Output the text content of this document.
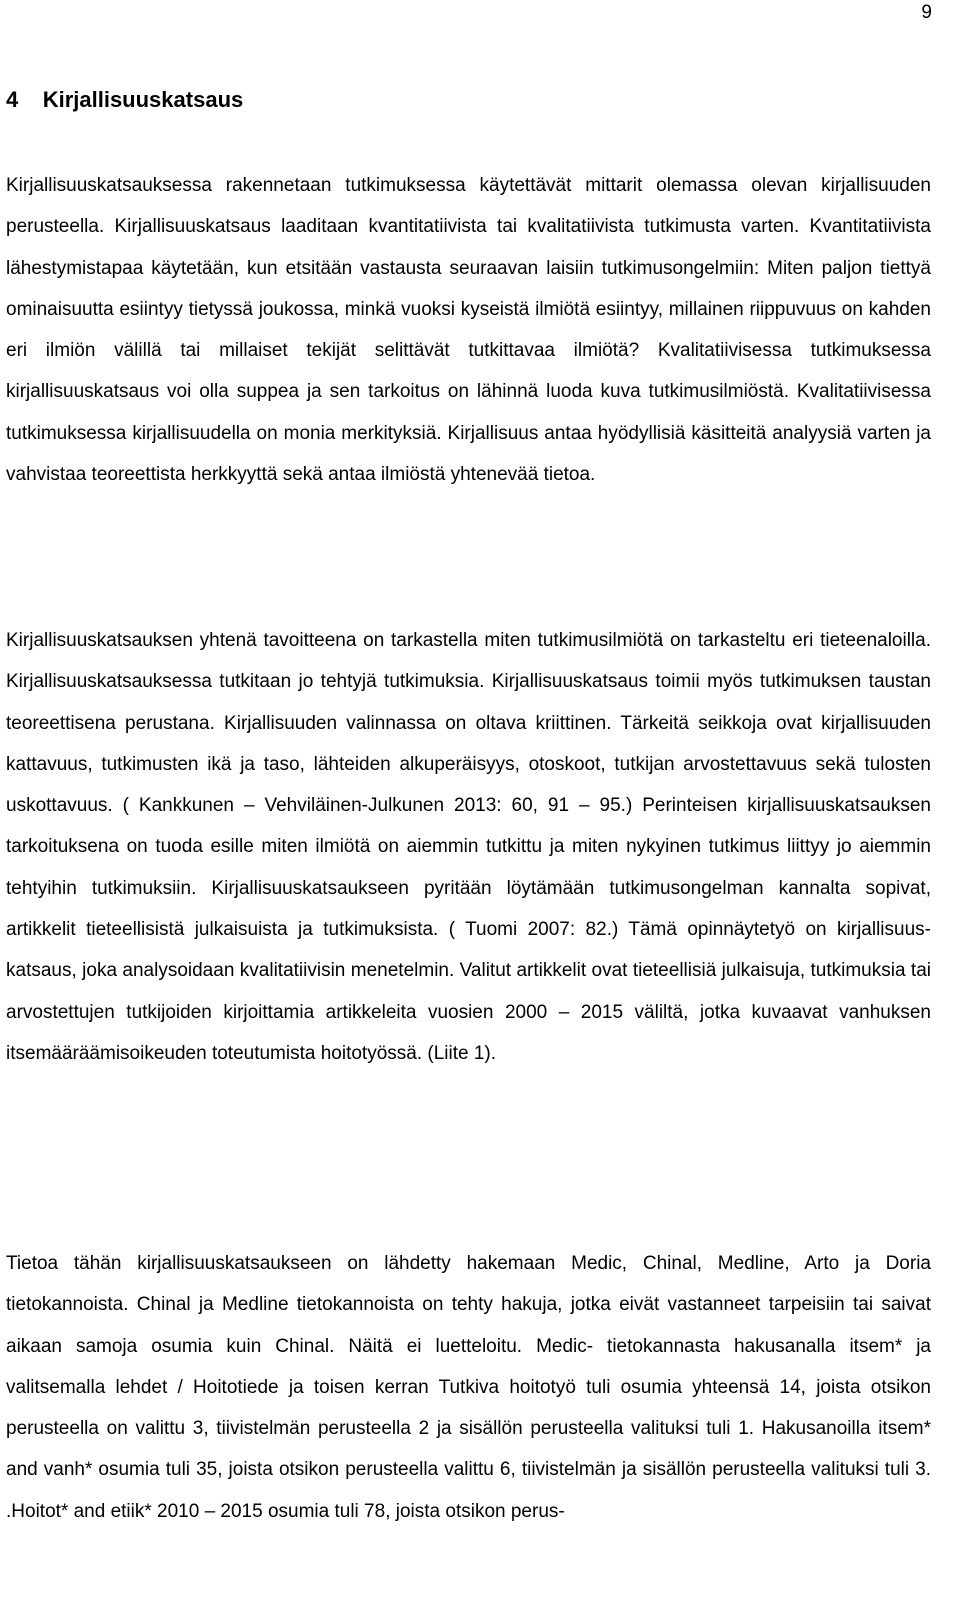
9
4 Kirjallisuuskatsaus

Kirjallisuuskatsauksessa rakennetaan tutkimuksessa käytettävät mittarit olemassa olevan kirjallisuuden perusteella. Kirjallisuuskatsaus laaditaan kvantitatiivista tai kvalitatiivista tutkimusta varten. Kvantitatiivista lähestymistapaa käytetään, kun etsitään vastausta seuraavan laisiin tutkimusongelmiin: Miten paljon tiettyä ominaisuutta esiintyy tietyssä joukossa, minkä vuoksi kyseistä ilmiötä esiintyy, millainen riippuvuus on kahden eri ilmiön välillä tai millaiset tekijät selittävät tutkittavaa ilmiötä? Kvalitatiivisessa tutkimuksessa kirjallisuuskatsaus voi olla suppea ja sen tarkoitus on lähinnä luoda kuva tutkimusilmiöstä. Kvalitatiivisessa tutkimuksessa kirjallisuudella on monia merkityksiä. Kirjallisuus antaa hyödyllisiä käsitteitä analyysiä varten ja vahvistaa teoreettista herkkyyttä sekä antaa ilmiöstä yhtenevää tietoa.

Kirjallisuuskatsauksen yhtenä tavoitteena on tarkastella miten tutkimusilmiötä on tarkasteltu eri tieteenaloilla. Kirjallisuuskatsauksessa tutkitaan jo tehtyjä tutkimuksia. Kirjallisuuskatsaus toimii myös tutkimuksen taustan teoreettisena perustana. Kirjallisuuden valinnassa on oltava kriittinen. Tärkeitä seikkoja ovat kirjallisuuden kattavuus, tutkimusten ikä ja taso, lähteiden alkuperäisyys, otoskoot, tutkijan arvostettavuus sekä tulosten uskottavuus. ( Kankkunen – Vehviläinen-Julkunen 2013: 60, 91 – 95.) Perinteisen kirjallisuuskatsauksen tarkoituksena on tuoda esille miten ilmiötä on aiemmin tutkittu ja miten nykyinen tutkimus liittyy jo aiemmin tehtyihin tutkimuksiin. Kirjallisuuskatsaukseen pyritään löytämään tutkimusongelman kannalta sopivat, artikkelit tieteellisistä julkaisuista ja tutkimuksista. ( Tuomi 2007: 82.) Tämä opinnäytetyö on kirjallisuuskatsaus, joka analysoidaan kvalitatiivisin menetelmin. Valitut artikkelit ovat tieteellisiä julkaisuja, tutkimuksia tai arvostettujen tutkijoiden kirjoittamia artikkeleita vuosien 2000 – 2015 väliltä, jotka kuvaavat vanhuksen itsemääräämisoikeuden toteutumista hoitotyössä. (Liite 1).

Tietoa tähän kirjallisuuskatsaukseen on lähdetty hakemaan Medic, Chinal, Medline, Arto ja Doria tietokannoista. Chinal ja Medline tietokannoista on tehty hakuja, jotka eivät vastanneet tarpeisiin tai saivat aikaan samoja osumia kuin Chinal. Näitä ei luetteloitu. Medic- tietokannasta hakusanalla itsem* ja valitsemalla lehdet / Hoitotiede ja toisen kerran Tutkiva hoitotyö tuli osumia yhteensä 14, joista otsikon perusteella on valittu 3, tiivistelmän perusteella 2 ja sisällön perusteella valituksi tuli 1. Hakusanoilla itsem* and vanh* osumia tuli 35, joista otsikon perusteella valittu 6, tiivistelmän ja sisällön perusteella valituksi tuli 3. .Hoitot* and etiik* 2010 – 2015 osumia tuli 78, joista otsikon perus-
